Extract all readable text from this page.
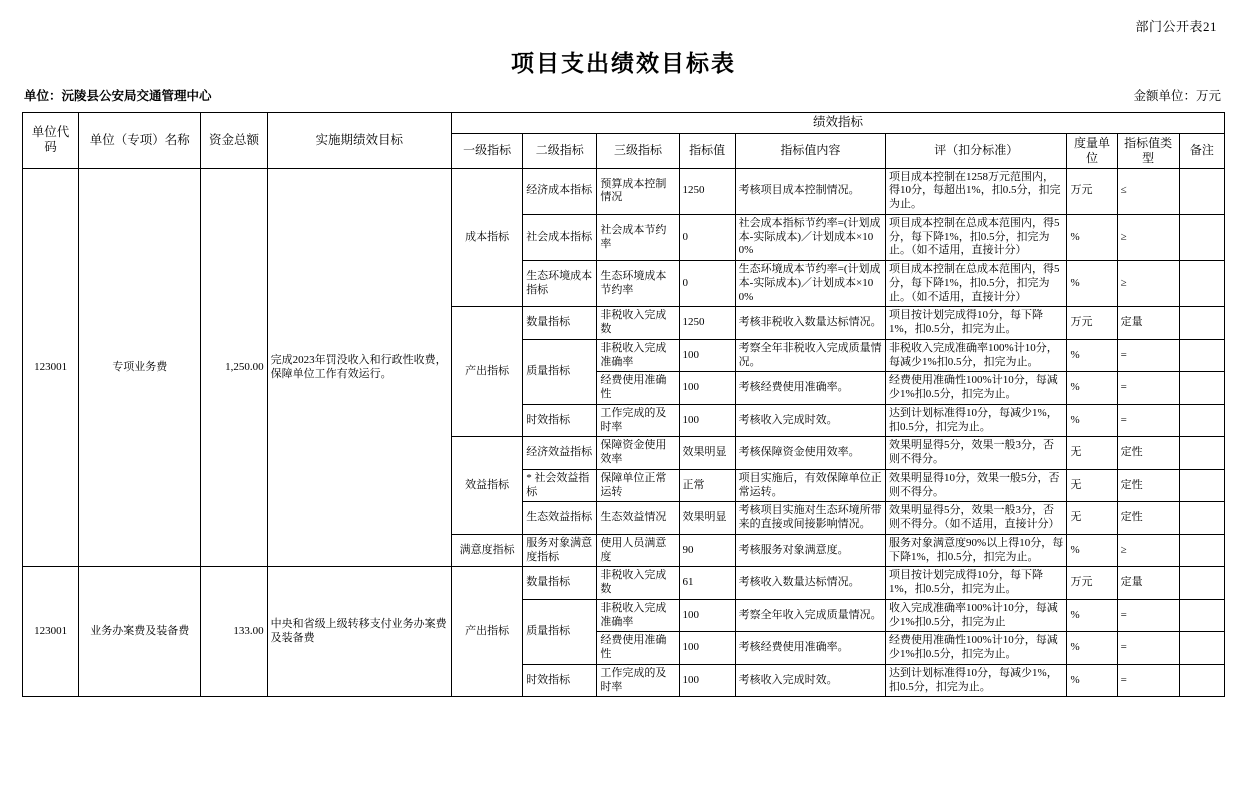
部门公开表21
项目支出绩效目标表
单位：沅陵县公安局交通管理中心	金额单位：万元
单位代码	单位（专项）名称	资金总额	实施期绩效目标	绩效指标								
				一级指标	二级指标	三级指标	指标值	指标值内容	评（扣分标准）	度量单位	指标值类型	备注
123001	专项业务费	1,250.00	完成2023年罚没收入和行政性收费，保障单位工作有效运行。	成本指标	经济成本指标	预算成本控制情况	1250	考核项目成本控制情况。	项目成本控制在1258万元范围内，得10分，每超出1%，扣0.5分，扣完为止。	万元	≤	

					社会成本指标	社会成本节约率	0	社会成本指标节约率=(计划成本-实际成本)／计划成本×100%	项目成本控制在总成本范围内，得5分，每下降1%，扣0.5分，扣完为止。（如不适用，直接计分）	%	≥	

					生态环境成本指标	生态环境成本节约率	0	生态环境成本节约率=(计划成本-实际成本)／计划成本×100%	项目成本控制在总成本范围内，得5分，每下降1%，扣0.5分，扣完为止。（如不适用，直接计分）	%	≥	

				产出指标	数量指标	非税收入完成数	1250	考核非税收入数量达标情况。	项目按计划完成得10分，每下降1%，扣0.5分，扣完为止。	万元	定量	

					质量指标	非税收入完成准确率	100	考察全年非税收入完成质量情况。	非税收入完成准确率100%计10分，每减少1%扣0.5分，扣完为止。	%	=	

						经费使用准确性	100	考核经费使用准确率。	经费使用准确性100%计10分，每减少1%扣0.5分，扣完为止。	%	=	

					时效指标	工作完成的及时率	100	考核收入完成时效。	达到计划标准得10分，每减少1%，扣0.5分，扣完为止。	%	=	

				效益指标	经济效益指标	保障资金使用效率	效果明显	考核保障资金使用效率。	效果明显得5分，效果一般3分，否则不得分。	无	定性	

					* 社会效益指标	保障单位正常运转	正常	项目实施后，有效保障单位正常运转。	效果明显得10分，效果一般5分，否则不得分。	无	定性	

					生态效益指标	生态效益情况	效果明显	考核项目实施对生态环境所带来的直接或间接影响情况。	效果明显得5分，效果一般3分，否则不得分。（如不适用，直接计分）	无	定性	

				满意度指标	服务对象满意度指标	使用人员满意度	90	考核服务对象满意度。	服务对象满意度90%以上得10分，每下降1%，扣0.5分，扣完为止。	%	≥	

123001	业务办案费及装备费	133.00	中央和省级上级转移支付业务办案费及装备费	产出指标	数量指标	非税收入完成数	61	考核收入数量达标情况。	项目按计划完成得10分，每下降1%，扣0.5分，扣完为止。	万元	定量	

					质量指标	非税收入完成准确率	100	考察全年收入完成质量情况。	收入完成准确率100%计10分，每减少1%扣0.5分，扣完为止	%	=	

						经费使用准确性	100	考核经费使用准确率。	经费使用准确性100%计10分，每减少1%扣0.5分，扣完为止。	%	=	

					时效指标	工作完成的及时率	100	考核收入完成时效。	达到计划标准得10分，每减少1%，扣0.5分，扣完为止。	%	=	
